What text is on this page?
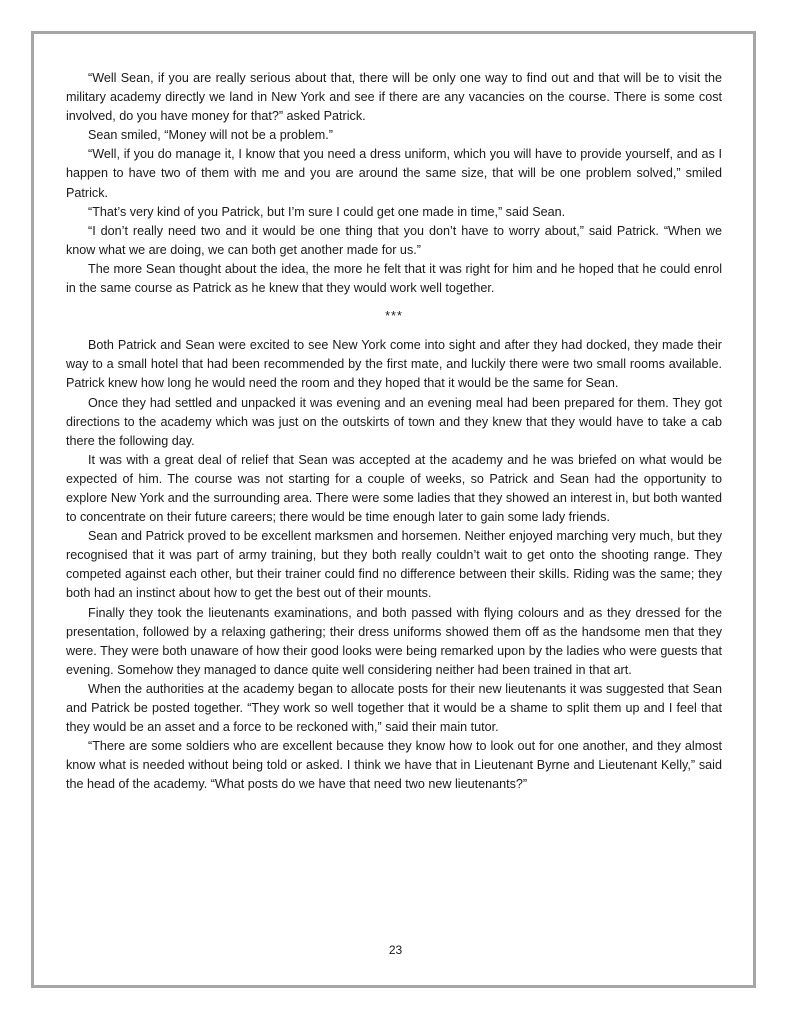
“Well Sean, if you are really serious about that, there will be only one way to find out and that will be to visit the military academy directly we land in New York and see if there are any vacancies on the course. There is some cost involved, do you have money for that?” asked Patrick.

Sean smiled, “Money will not be a problem.”

“Well, if you do manage it, I know that you need a dress uniform, which you will have to provide yourself, and as I happen to have two of them with me and you are around the same size, that will be one problem solved,” smiled Patrick.

“That’s very kind of you Patrick, but I’m sure I could get one made in time,” said Sean.

“I don’t really need two and it would be one thing that you don’t have to worry about,” said Patrick. “When we know what we are doing, we can both get another made for us.”

The more Sean thought about the idea, the more he felt that it was right for him and he hoped that he could enrol in the same course as Patrick as he knew that they would work well together.

***

Both Patrick and Sean were excited to see New York come into sight and after they had docked, they made their way to a small hotel that had been recommended by the first mate, and luckily there were two small rooms available. Patrick knew how long he would need the room and they hoped that it would be the same for Sean.

Once they had settled and unpacked it was evening and an evening meal had been prepared for them. They got directions to the academy which was just on the outskirts of town and they knew that they would have to take a cab there the following day.

It was with a great deal of relief that Sean was accepted at the academy and he was briefed on what would be expected of him. The course was not starting for a couple of weeks, so Patrick and Sean had the opportunity to explore New York and the surrounding area. There were some ladies that they showed an interest in, but both wanted to concentrate on their future careers; there would be time enough later to gain some lady friends.

Sean and Patrick proved to be excellent marksmen and horsemen. Neither enjoyed marching very much, but they recognised that it was part of army training, but they both really couldn’t wait to get onto the shooting range. They competed against each other, but their trainer could find no difference between their skills. Riding was the same; they both had an instinct about how to get the best out of their mounts.

Finally they took the lieutenants examinations, and both passed with flying colours and as they dressed for the presentation, followed by a relaxing gathering; their dress uniforms showed them off as the handsome men that they were. They were both unaware of how their good looks were being remarked upon by the ladies who were guests that evening. Somehow they managed to dance quite well considering neither had been trained in that art.

When the authorities at the academy began to allocate posts for their new lieutenants it was suggested that Sean and Patrick be posted together. “They work so well together that it would be a shame to split them up and I feel that they would be an asset and a force to be reckoned with,” said their main tutor.

“There are some soldiers who are excellent because they know how to look out for one another, and they almost know what is needed without being told or asked. I think we have that in Lieutenant Byrne and Lieutenant Kelly,” said the head of the academy. “What posts do we have that need two new lieutenants?”

23
